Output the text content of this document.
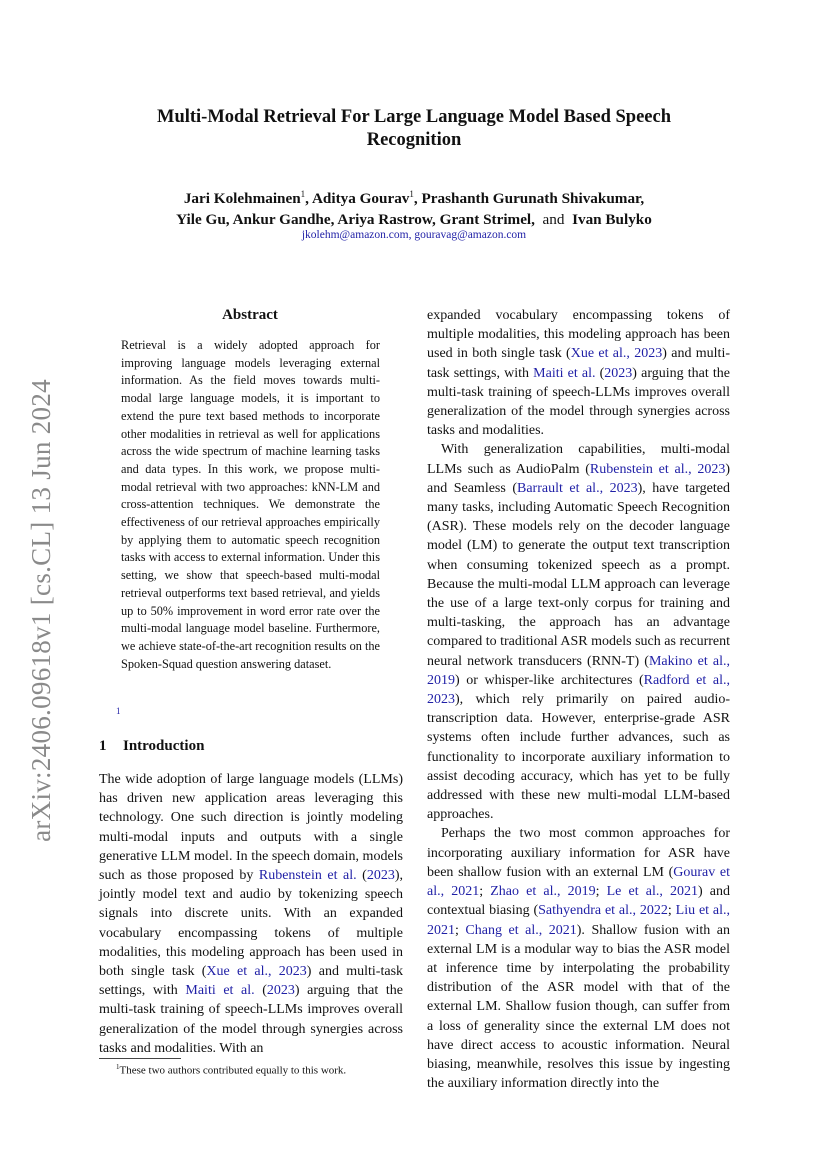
arXiv:2406.09618v1 [cs.CL] 13 Jun 2024
Multi-Modal Retrieval For Large Language Model Based Speech Recognition
Jari Kolehmainen$^1$, Aditya Gourav$^1$, Prashanth Gurunath Shivakumar,
Yile Gu, Ankur Gandhe, Ariya Rastrow, Grant Strimel,  and Ivan Bulyko
jkolehm@amazon.com, gouravag@amazon.com
Abstract
Retrieval is a widely adopted approach for improving language models leveraging external information. As the field moves towards multi-modal large language models, it is important to extend the pure text based methods to incorporate other modalities in retrieval as well for applications across the wide spectrum of machine learning tasks and data types. In this work, we propose multi-modal retrieval with two approaches: kNN-LM and cross-attention techniques. We demonstrate the effectiveness of our retrieval approaches empirically by applying them to automatic speech recognition tasks with access to external information. Under this setting, we show that speech-based multi-modal retrieval outperforms text based retrieval, and yields up to 50% improvement in word error rate over the multi-modal language model baseline. Furthermore, we achieve state-of-the-art recognition results on the Spoken-Squad question answering dataset.
1
1 Introduction

The wide adoption of large language models (LLMs) has driven new application areas leveraging this technology. One such direction is jointly modeling multi-modal inputs and outputs with a single generative LLM model. In the speech domain, models such as those proposed by Rubenstein et al. (2023), jointly model text and audio by tokenizing speech signals into discrete units. With an expanded vocabulary encompassing tokens of multiple modalities, this modeling approach has been used in both single task (Xue et al., 2023) and multi-task settings, with Maiti et al. (2023) arguing that the multi-task training of speech-LLMs improves overall generalization of the model through synergies across tasks and modalities. With an

$^1$These two authors contributed equally to this work.

expanded vocabulary encompassing tokens of multiple modalities, this modeling approach has been used in both single task (Xue et al., 2023) and multi-task settings, with Maiti et al. (2023) arguing that the multi-task training of speech-LLMs improves overall generalization of the model through synergies across tasks and modalities.

With generalization capabilities, multi-modal LLMs such as AudioPalm (Rubenstein et al., 2023) and Seamless (Barrault et al., 2023), have targeted many tasks, including Automatic Speech Recognition (ASR). These models rely on the decoder language model (LM) to generate the output text transcription when consuming tokenized speech as a prompt. Because the multi-modal LLM approach can leverage the use of a large text-only corpus for training and multi-tasking, the approach has an advantage compared to traditional ASR models such as recurrent neural network transducers (RNN-T) (Makino et al., 2019) or whisper-like architectures (Radford et al., 2023), which rely primarily on paired audio-transcription data. However, enterprise-grade ASR systems often include further advances, such as functionality to incorporate auxiliary information to assist decoding accuracy, which has yet to be fully addressed with these new multi-modal LLM-based approaches.

Perhaps the two most common approaches for incorporating auxiliary information for ASR have been shallow fusion with an external LM (Gourav et al., 2021; Zhao et al., 2019; Le et al., 2021) and contextual biasing (Sathyendra et al., 2022; Liu et al., 2021; Chang et al., 2021). Shallow fusion with an external LM is a modular way to bias the ASR model at inference time by interpolating the probability distribution of the ASR model with that of the external LM. Shallow fusion though, can suffer from a loss of generality since the external LM does not have direct access to acoustic information. Neural biasing, meanwhile, resolves this issue by ingesting the auxiliary information directly into the
